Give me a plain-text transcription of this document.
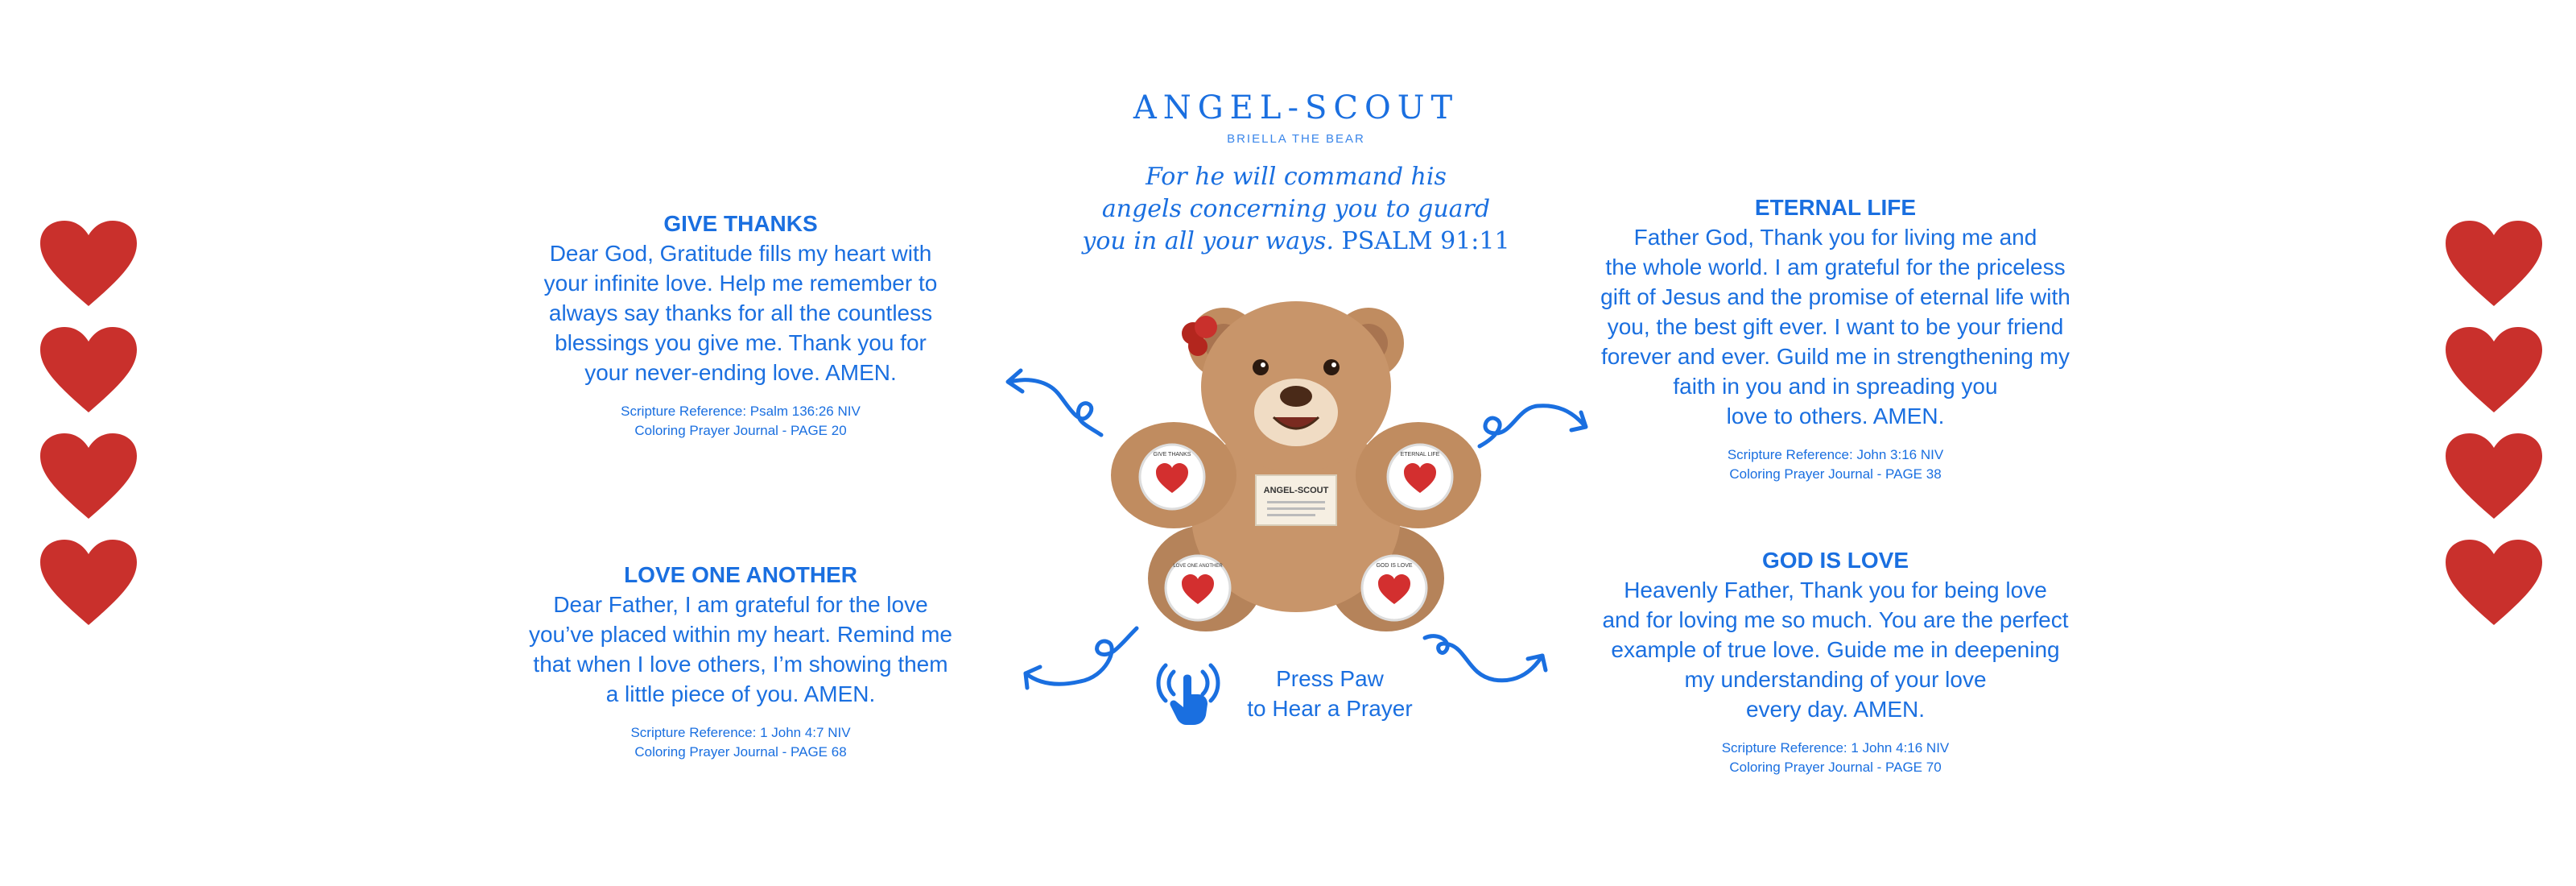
ANGEL-SCOUT
BRIELLA THE BEAR
For he will command his
angels concerning you to guard
you in all your ways. PSALM 91:11
GIVE THANKS
Dear God, Gratitude fills my heart with
your infinite love. Help me remember to
always say thanks for all the countless
blessings you give me. Thank you for
your never-ending love. AMEN.
Scripture Reference: Psalm 136:26 NIV
Coloring Prayer Journal - PAGE 20
LOVE ONE ANOTHER
Dear Father, I am grateful for the love
you’ve placed within my heart. Remind me
that when I love others, I’m showing them
a little piece of you. AMEN.
Scripture Reference: 1 John 4:7 NIV
Coloring Prayer Journal - PAGE 68
ETERNAL LIFE
Father God, Thank you for living me and
the whole world. I am grateful for the priceless
gift of Jesus and the promise of eternal life with
you, the best gift ever. I want to be your friend
forever and ever. Guild me in strengthening my
faith in you and in spreading you
love to others. AMEN.
Scripture Reference: John 3:16 NIV
Coloring Prayer Journal - PAGE 38
GOD IS LOVE
Heavenly Father, Thank you for being love
and for loving me so much. You are the perfect
example of true love. Guide me in deepening
my understanding of your love
every day. AMEN.
Scripture Reference: 1 John 4:16 NIV
Coloring Prayer Journal - PAGE 70
ANGEL-SCOUT
GIVE THANKS	ETERNAL LIFE
LOVE ONE ANOTHER	GOD IS LOVE
Press Paw
to Hear a Prayer
